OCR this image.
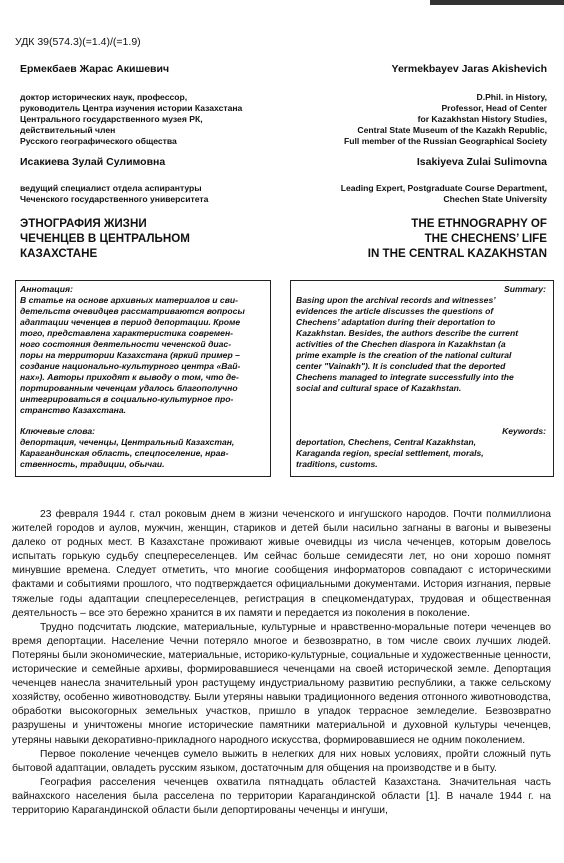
УДК 39(574.3)(=1.4)/(=1.9)
Ермекбаев Жарас Акишевич	Yermekbayev Jaras Akishevich
доктор исторических наук, профессор,
руководитель Центра изучения истории Казахстана
Центрального государственного музея РК,
действительный член
Русского географического общества
D.Phil. in History,
Professor, Head of Center
for Kazakhstan History Studies,
Central State Museum of the Kazakh Republic,
Full member of the Russian Geographical Society
Исакиева Зулай Сулимовна	Isakiyeva Zulai Sulimovna
ведущий специалист отдела аспирантуры
Чеченского государственного университета
Leading Expert, Postgraduate Course Department,
Chechen State University
ЭТНОГРАФИЯ ЖИЗНИ
ЧЕЧЕНЦЕВ В ЦЕНТРАЛЬНОМ
КАЗАХСТАНЕ
THE ETHNOGRAPHY OF
THE CHECHENS’ LIFE
IN THE CENTRAL KAZAKHSTAN
Аннотация:
В статье на основе архивных материалов и сви-
детельств очевидцев рассматриваются вопросы
адаптации чеченцев в период депортации. Кроме
того, представлена характеристика современ-
ного состояния деятельности чеченской диас-
поры на территории Казахстана (яркий пример –
создание национально-культурного центра «Вай-
нах»). Авторы приходят к выводу о том, что де-
портированным чеченцам удалось благополучно
интегрироваться в социально-культурное про-
странство Казахстана.
Summary:
Basing upon the archival records and witnesses’
evidences the article discusses the questions of
Chechens’ adaptation during their deportation to
Kazakhstan. Besides, the authors describe the current
activities of the Chechen diaspora in Kazakhstan (a
prime example is the creation of the national cultural
center "Vainakh"). It is concluded that the deported
Chechens managed to integrate successfully into the
social and cultural space of Kazakhstan.
Ключевые слова:
депортация, чеченцы, Центральный Казахстан,
Карагандинская область, спецпоселение, нрав-
ственность, традиции, обычаи.
Keywords:
deportation, Chechens, Central Kazakhstan,
Karaganda region, special settlement, morals,
traditions, customs.

23 февраля 1944 г. стал роковым днем в жизни чеченского и ингушского народов. Почти полмиллиона жителей городов и аулов, мужчин, женщин, стариков и детей были насильно загнаны в вагоны и вывезены далеко от родных мест. В Казахстане проживают живые очевидцы из числа чеченцев, которым довелось испытать горькую судьбу спецпереселенцев. Им сейчас больше семидесяти лет, но они хорошо помнят минувшие времена. Следует отметить, что многие сообщения информаторов совпадают с историческими фактами и событиями прошлого, что подтверждается официальными документами. История изгнания, первые тяжелые годы адаптации спецпереселенцев, регистрация в спецкомендатурах, трудовая и общественная деятельность – все это бережно хранится в их памяти и передается из поколения в поколение.

Трудно подсчитать людские, материальные, культурные и нравственно-моральные потери чеченцев во время депортации. Население Чечни потеряло многое и безвозвратно, в том числе своих лучших людей. Потеряны были экономические, материальные, историко-культурные, социальные и художественные ценности, исторические и семейные архивы, формировавшиеся чеченцами на своей исторической земле. Депортация чеченцев нанесла значительный урон растущему индустриальному развитию республики, а также сельскому хозяйству, особенно животноводству. Были утеряны навыки традиционного ведения отгонного животноводства, обработки высокогорных земельных участков, пришло в упадок террасное земледелие. Безвозвратно разрушены и уничтожены многие исторические памятники материальной и духовной культуры чеченцев, утеряны навыки декоративно-прикладного народного искусства, формировавшиеся не одним поколением.

Первое поколение чеченцев сумело выжить в нелегких для них новых условиях, пройти сложный путь бытовой адаптации, овладеть русским языком, достаточным для общения на производстве и в быту.

География расселения чеченцев охватила пятнадцать областей Казахстана. Значительная часть вайнахского населения была расселена по территории Карагандинской области [1]. В начале 1944 г. на территорию Карагандинской области были депортированы чеченцы и ингуши,
